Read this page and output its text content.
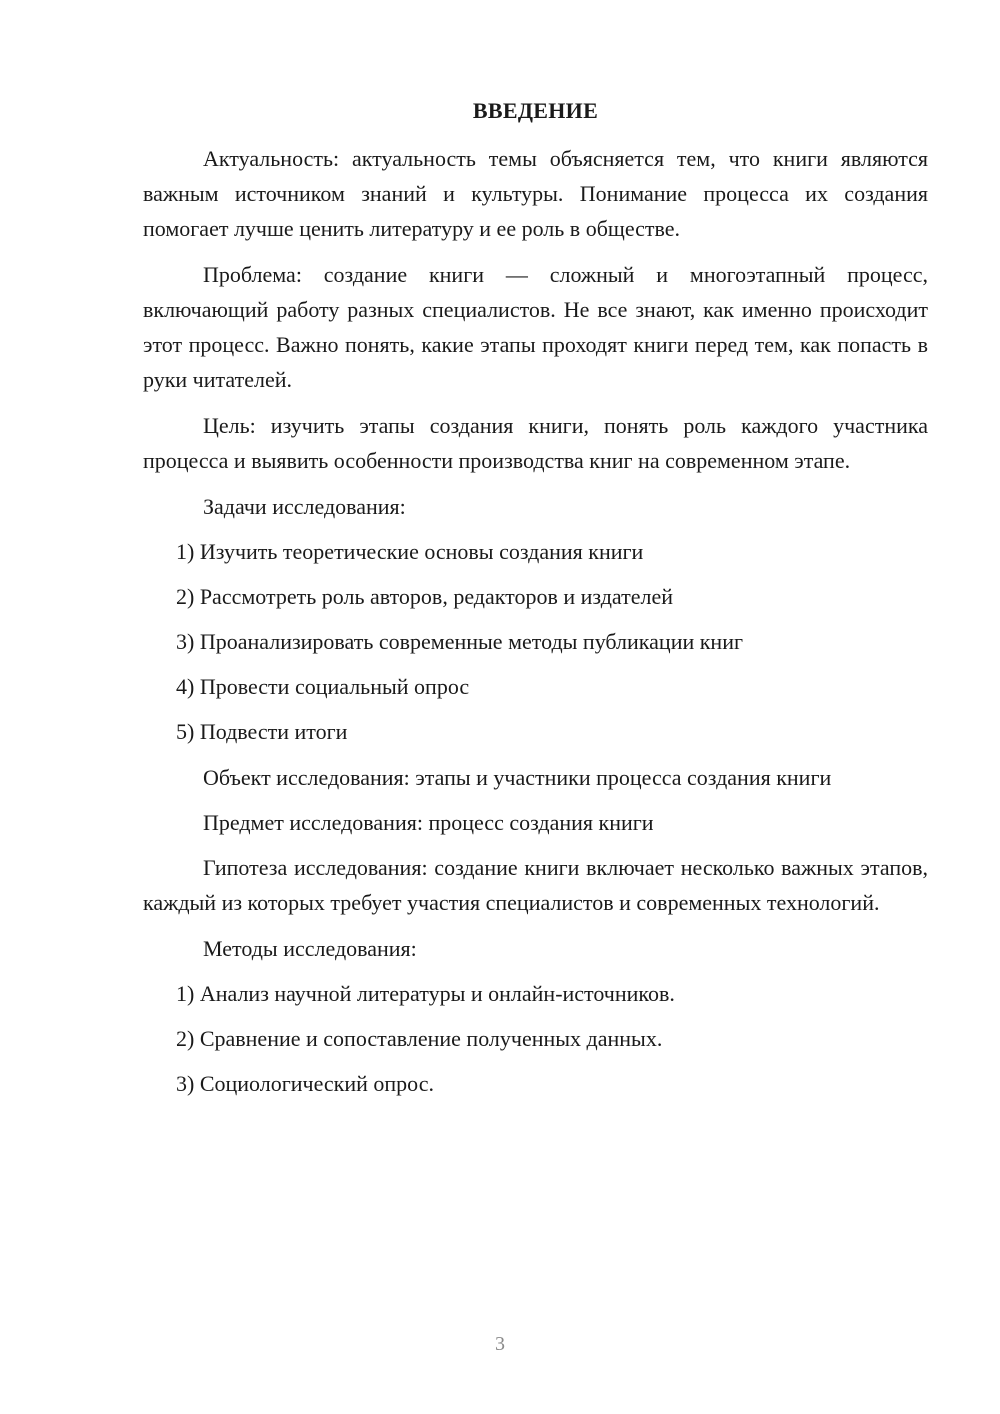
ВВЕДЕНИЕ

Актуальность: актуальность темы объясняется тем, что книги являются важным источником знаний и культуры. Понимание процесса их создания помогает лучше ценить литературу и ее роль в обществе.

Проблема: создание книги — сложный и многоэтапный процесс, включающий работу разных специалистов. Не все знают, как именно происходит этот процесс. Важно понять, какие этапы проходят книги перед тем, как попасть в руки читателей.

Цель: изучить этапы создания книги, понять роль каждого участника процесса и выявить особенности производства книг на современном этапе.

Задачи исследования:

1) Изучить теоретические основы создания книги
2) Рассмотреть роль авторов, редакторов и издателей
3) Проанализировать современные методы публикации книг
4) Провести социальный опрос
5) Подвести итоги

Объект исследования: этапы и участники процесса создания книги

Предмет исследования: процесс создания книги

Гипотеза исследования: создание книги включает несколько важных этапов, каждый из которых требует участия специалистов и современных технологий.

Методы исследования:

1) Анализ научной литературы и онлайн-источников.
2) Сравнение и сопоставление полученных данных.
3) Социологический опрос.
3
